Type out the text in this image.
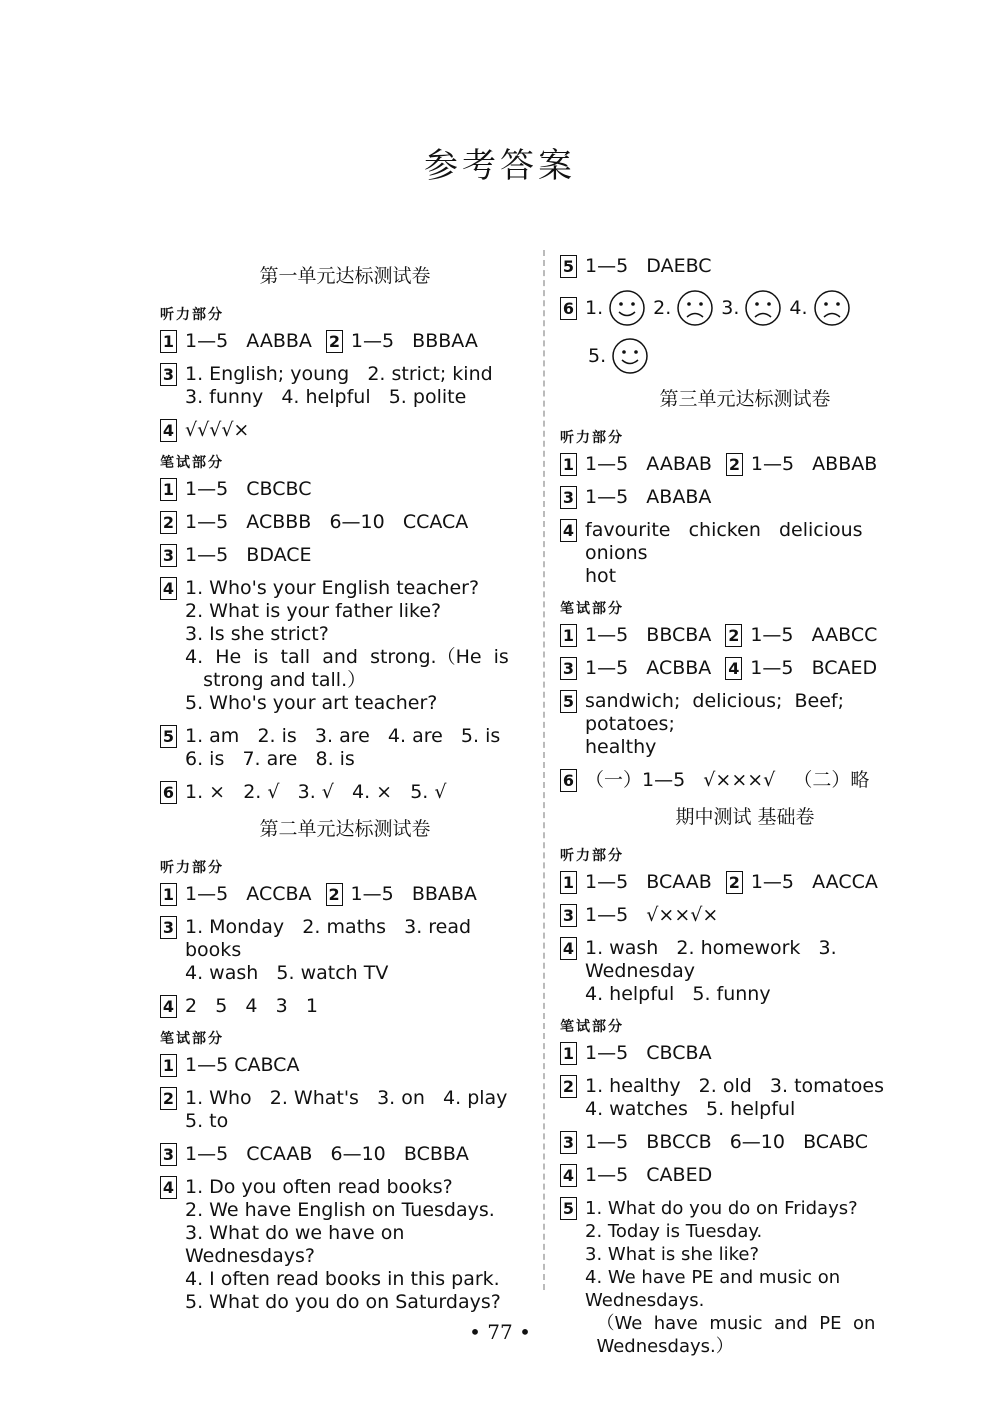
参考答案
第一单元达标测试卷
听力部分
1 1—5   AABBA 2 1—5   BBBAA
3 1. English; young   2. strict; kind
3. funny   4. helpful   5. polite
4 √√√√×
笔试部分
1 1—5   CBCBC
2 1—5   ACBBB   6—10   CCACA
3 1—5   BDACE
4 1. Who's your English teacher?
2. What is your father like?
3. Is she strict?
4.  He  is  tall  and  strong.（He  is
strong and tall.）
5. Who's your art teacher?
5 1. am   2. is   3. are   4. are   5. is
6. is   7. are   8. is
6 1. ×   2. √   3. √   4. ×   5. √
第二单元达标测试卷
听力部分
1 1—5   ACCBA 2 1—5   BBABA
3 1. Monday   2. maths   3. read books
4. wash   5. watch TV
4 2   5   4   3   1
笔试部分
1 1—5 CABCA
2 1. Who   2. What's   3. on   4. play
5. to
3 1—5   CCAAB   6—10   BCBBA
4 1. Do you often read books?
2. We have English on Tuesdays.
3. What do we have on Wednesdays?
4. I often read books in this park.
5. What do you do on Saturdays?
5 1—5   DAEBC
6 1.	2.	3.	4.
5.
第三单元达标测试卷
听力部分
1 1—5   AABAB 2 1—5   ABBAB
3 1—5   ABABA
4 favourite   chicken   delicious   onions
hot
笔试部分
1 1—5   BBCBA 2 1—5   AABCC
3 1—5   ACBBA 4 1—5   BCAED
5 sandwich;  delicious;  Beef;  potatoes;
healthy
6 （一）1—5   √×××√   （二）略
期中测试 基础卷
听力部分
1 1—5   BCAAB 2 1—5   AACCA
3 1—5   √××√×
4 1. wash   2. homework   3. Wednesday
4. helpful   5. funny
笔试部分
1 1—5   CBCBA
2 1. healthy   2. old   3. tomatoes
4. watches   5. helpful
3 1—5   BBCCB   6—10   BCABC
4 1—5   CABED
5 1. What do you do on Fridays?
2. Today is Tuesday.
3. What is she like?
4. We have PE and music on Wednesdays.
（We  have  music  and  PE  on
Wednesdays.）
• 77 •
